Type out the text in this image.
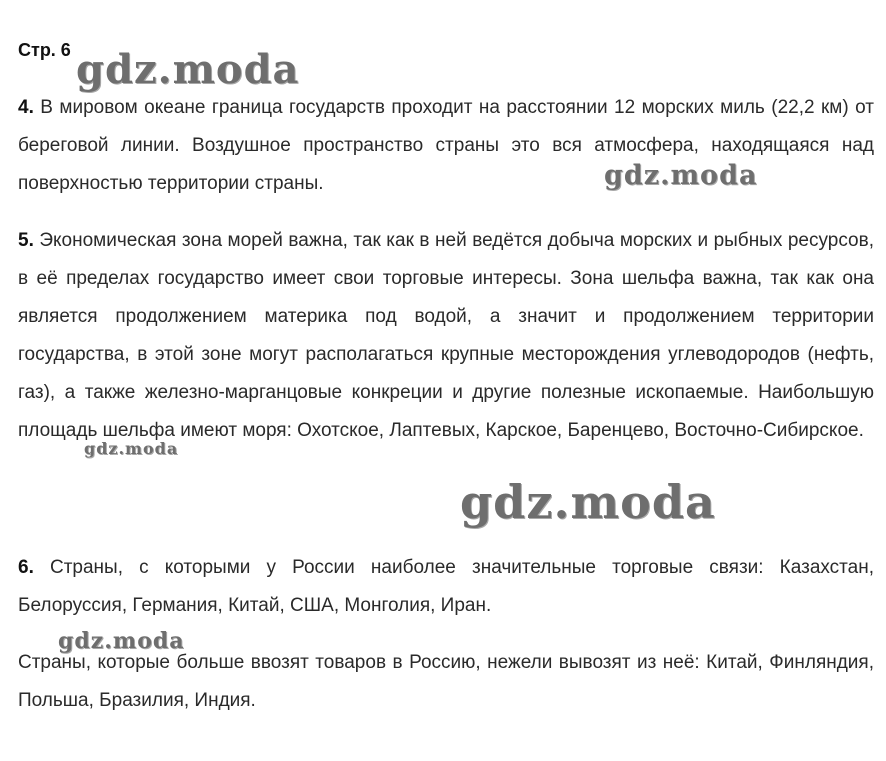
Стр. 6

4. В мировом океане граница государств проходит на расстоянии 12 морских миль (22,2 км) от береговой линии. Воздушное пространство страны это вся атмосфера, находящаяся над поверхностью территории страны.

5. Экономическая зона морей важна, так как в ней ведётся добыча морских и рыбных ресурсов, в её пределах государство имеет свои торговые интересы. Зона шельфа важна, так как она является продолжением материка под водой, а значит и продолжением территории государства, в этой зоне могут располагаться крупные месторождения углеводородов (нефть, газ), а также железно-марганцовые конкреции и другие полезные ископаемые. Наибольшую площадь шельфа имеют моря: Охотское, Лаптевых, Карское, Баренцево, Восточно-Сибирское.

6. Страны, с которыми у России наиболее значительные торговые связи: Казахстан, Белоруссия, Германия, Китай, США, Монголия, Иран.

Страны, которые больше ввозят товаров в Россию, нежели вывозят из неё: Китай, Финляндия, Польша, Бразилия, Индия.

gdz.moda
gdz.moda
gdz.moda
gdz.moda
gdz.moda
